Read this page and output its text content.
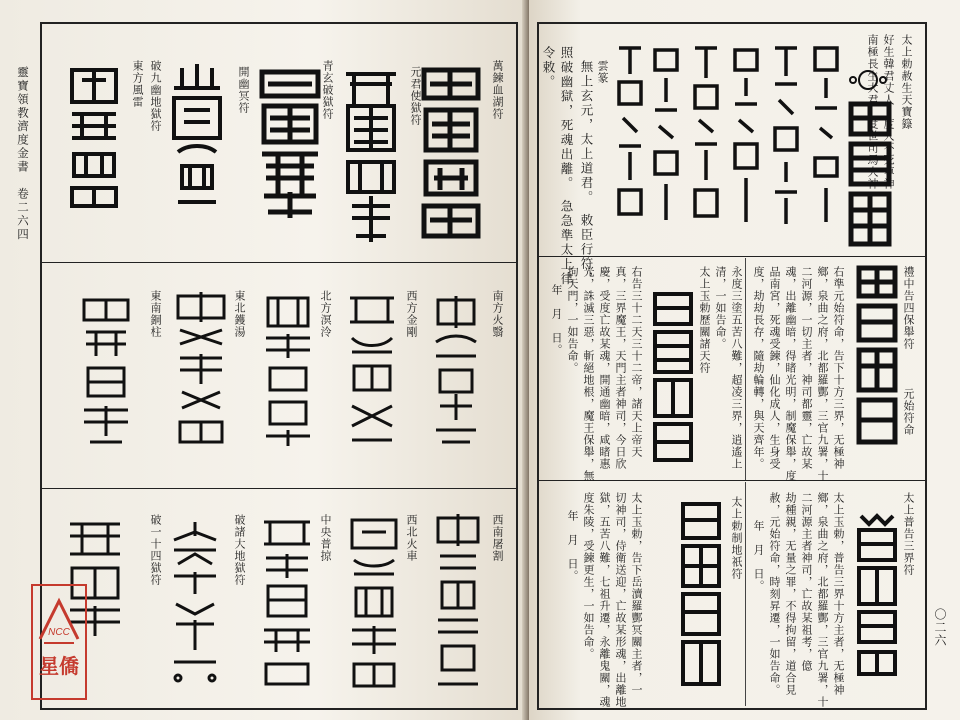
靈寶領教濟度金書　卷二六四	萬鍊血湖符
元君使獄符
青玄破獄符
開幽冥符
破九幽地獄符
東方風雷
南方火翳
西方金剛
北方溟泠
東北鑊湯
東南銅柱
西南屠割
西北火車
中央普掠
破諸大地獄符
破一十四獄符
NCC
星僑
〇二六
太上勅赦生天寶籙
好生韓君丈人　度人不死尊神
南極長生大君　度世司馬大神
雲篆
無上玄元，太上道君。　敕臣行符，
照破幽獄，死魂出離。　急急準太上律
令敕。
禮中告四保舉符
元始符命
右準元始符命，告下十方三界，无極神
鄉，泉曲之府，北都羅酆，三官九署，十
二河源，一切主者，神司都靈，亡故某
魂，出離幽暗，得睹光明，制魔保舉，度
品南宮，死魂受鍊，仙化成人，生身受
度，劫劫長存，隨劫輪轉，與天齊年。
永度三塗五苦八難，超凌三界，逍遙上
清，一如告命。
太上玉勅歷關諸天符
右告三十二天三十二帝，諸天上帝天
真，三界魔王，天門主者神司，今日欣
慶，受度亡故某魂，開通幽暗，咸睹惠
光，誅滅三惡，斬絕地根，魔王保舉，無
拘天門，一如告命。
年　月　日。
太上普告三界符
太上玉勅，普告三界十方主者，无極神
鄉，泉曲之府，北都羅酆，三官九署，十
二河源主者神司，亡故某祖考，億
劫種親，无量之罪，不得拘留，道合見
赦，元始符命，時刻昇遷，一如告命。
年　月　日。
太上勅制地祇符
太上玉勅，告下岳瀆羅酆冥關主者，一
切神司，侍衛送迎，亡故某形魂，出離地
獄，五苦八難，七祖升遷，永離鬼關，魂
度朱陵，受鍊更生，一如告命。
年　月　日。
